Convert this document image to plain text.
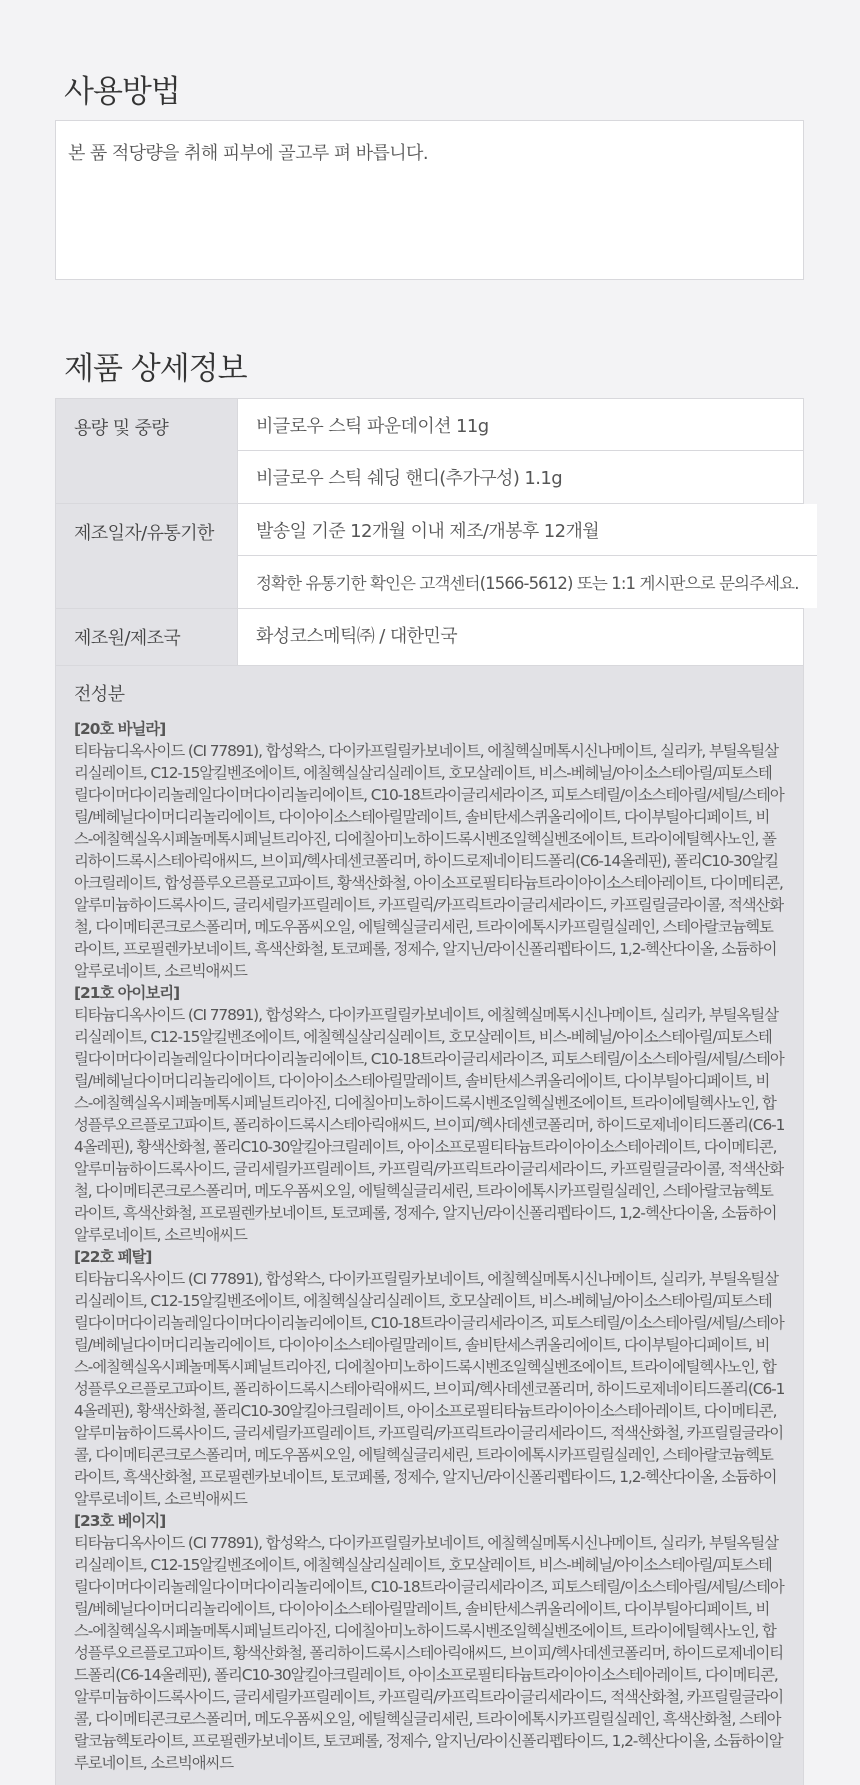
사용방법

본 품 적당량을 취해 피부에 골고루 펴 바릅니다.

제품 상세정보
용량 및 중량	비글로우 스틱 파운데이션 11g
비글로우 스틱 쉐딩 핸디(추가구성) 1.1g
제조일자/유통기한	발송일 기준 12개월 이내 제조/개봉후 12개월
정확한 유통기한 확인은 고객센터(1566-5612) 또는 1:1 게시판으로 문의주세요.
제조원/제조국	화성코스메틱㈜ / 대한민국
전성분
[20호 바닐라]
티타늄디옥사이드 (CI 77891), 합성왁스, 다이카프릴릴카보네이트, 에칠헥실메톡시신나메이트, 실리카, 부틸옥틸살리실레이트, C12-15알킬벤조에이트, 에칠헥실살리실레이트, 호모살레이트, 비스-베헤닐/아이소스테아릴/피토스테릴다이머다이리놀레일다이머다이리놀리에이트, C10-18트라이글리세라이즈, 피토스테릴/이소스테아릴/세틸/스테아릴/베헤닐다이머디리놀리에이트, 다이아이소스테아릴말레이트, 솔비탄세스퀴올리에이트, 다이부틸아디페이트, 비스-에칠헥실옥시페놀메톡시페닐트리아진, 디에칠아미노하이드록시벤조일헥실벤조에이트, 트라이에틸헥사노인, 폴리하이드록시스테아릭애씨드, 브이피/헥사데센코폴리머, 하이드로제네이티드폴리(C6-14올레핀), 폴리C10-30알킬아크릴레이트, 합성플루오르플로고파이트, 황색산화철, 아이소프로필티타늄트라이아이소스테아레이트, 다이메티콘, 알루미늄하이드록사이드, 글리세릴카프릴레이트, 카프릴릭/카프릭트라이글리세라이드, 카프릴릴글라이콜, 적색산화철, 다이메티콘크로스폴리머, 메도우폼씨오일, 에틸헥실글리세린, 트라이에톡시카프릴릴실레인, 스테아랄코늄헥토라이트, 프로필렌카보네이트, 흑색산화철, 토코페롤, 정제수, 알지닌/라이신폴리펩타이드, 1,2-헥산다이올, 소듐하이알루로네이트, 소르빅애씨드
[21호 아이보리]
티타늄디옥사이드 (CI 77891), 합성왁스, 다이카프릴릴카보네이트, 에칠헥실메톡시신나메이트, 실리카, 부틸옥틸살리실레이트, C12-15알킬벤조에이트, 에칠헥실살리실레이트, 호모살레이트, 비스-베헤닐/아이소스테아릴/피토스테릴다이머다이리놀레일다이머다이리놀리에이트, C10-18트라이글리세라이즈, 피토스테릴/이소스테아릴/세틸/스테아릴/베헤닐다이머디리놀리에이트, 다이아이소스테아릴말레이트, 솔비탄세스퀴올리에이트, 다이부틸아디페이트, 비스-에칠헥실옥시페놀메톡시페닐트리아진, 디에칠아미노하이드록시벤조일헥실벤조에이트, 트라이에틸헥사노인, 합성플루오르플로고파이트, 폴리하이드록시스테아릭애씨드, 브이피/헥사데센코폴리머, 하이드로제네이티드폴리(C6-14올레핀), 황색산화철, 폴리C10-30알킬아크릴레이트, 아이소프로필티타늄트라이아이소스테아레이트, 다이메티콘, 알루미늄하이드록사이드, 글리세릴카프릴레이트, 카프릴릭/카프릭트라이글리세라이드, 카프릴릴글라이콜, 적색산화철, 다이메티콘크로스폴리머, 메도우폼씨오일, 에틸헥실글리세린, 트라이에톡시카프릴릴실레인, 스테아랄코늄헥토라이트, 흑색산화철, 프로필렌카보네이트, 토코페롤, 정제수, 알지닌/라이신폴리펩타이드, 1,2-헥산다이올, 소듐하이알루로네이트, 소르빅애씨드
[22호 페탈]
티타늄디옥사이드 (CI 77891), 합성왁스, 다이카프릴릴카보네이트, 에칠헥실메톡시신나메이트, 실리카, 부틸옥틸살리실레이트, C12-15알킬벤조에이트, 에칠헥실살리실레이트, 호모살레이트, 비스-베헤닐/아이소스테아릴/피토스테릴다이머다이리놀레일다이머다이리놀리에이트, C10-18트라이글리세라이즈, 피토스테릴/이소스테아릴/세틸/스테아릴/베헤닐다이머디리놀리에이트, 다이아이소스테아릴말레이트, 솔비탄세스퀴올리에이트, 다이부틸아디페이트, 비스-에칠헥실옥시페놀메톡시페닐트리아진, 디에칠아미노하이드록시벤조일헥실벤조에이트, 트라이에틸헥사노인, 합성플루오르플로고파이트, 폴리하이드록시스테아릭애씨드, 브이피/헥사데센코폴리머, 하이드로제네이티드폴리(C6-14올레핀), 황색산화철, 폴리C10-30알킬아크릴레이트, 아이소프로필티타늄트라이아이소스테아레이트, 다이메티콘, 알루미늄하이드록사이드, 글리세릴카프릴레이트, 카프릴릭/카프릭트라이글리세라이드, 적색산화철, 카프릴릴글라이콜, 다이메티콘크로스폴리머, 메도우폼씨오일, 에틸헥실글리세린, 트라이에톡시카프릴릴실레인, 스테아랄코늄헥토라이트, 흑색산화철, 프로필렌카보네이트, 토코페롤, 정제수, 알지닌/라이신폴리펩타이드, 1,2-헥산다이올, 소듐하이알루로네이트, 소르빅애씨드
[23호 베이지]
티타늄디옥사이드 (CI 77891), 합성왁스, 다이카프릴릴카보네이트, 에칠헥실메톡시신나메이트, 실리카, 부틸옥틸살리실레이트, C12-15알킬벤조에이트, 에칠헥실살리실레이트, 호모살레이트, 비스-베헤닐/아이소스테아릴/피토스테릴다이머다이리놀레일다이머다이리놀리에이트, C10-18트라이글리세라이즈, 피토스테릴/이소스테아릴/세틸/스테아릴/베헤닐다이머디리놀리에이트, 다이아이소스테아릴말레이트, 솔비탄세스퀴올리에이트, 다이부틸아디페이트, 비스-에칠헥실옥시페놀메톡시페닐트리아진, 디에칠아미노하이드록시벤조일헥실벤조에이트, 트라이에틸헥사노인, 합성플루오르플로고파이트, 황색산화철, 폴리하이드록시스테아릭애씨드, 브이피/헥사데센코폴리머, 하이드로제네이티드폴리(C6-14올레핀), 폴리C10-30알킬아크릴레이트, 아이소프로필티타늄트라이아이소스테아레이트, 다이메티콘, 알루미늄하이드록사이드, 글리세릴카프릴레이트, 카프릴릭/카프릭트라이글리세라이드, 적색산화철, 카프릴릴글라이콜, 다이메티콘크로스폴리머, 메도우폼씨오일, 에틸헥실글리세린, 트라이에톡시카프릴릴실레인, 흑색산화철, 스테아랄코늄헥토라이트, 프로필렌카보네이트, 토코페롤, 정제수, 알지닌/라이신폴리펩타이드, 1,2-헥산다이올, 소듐하이알루로네이트, 소르빅애씨드
